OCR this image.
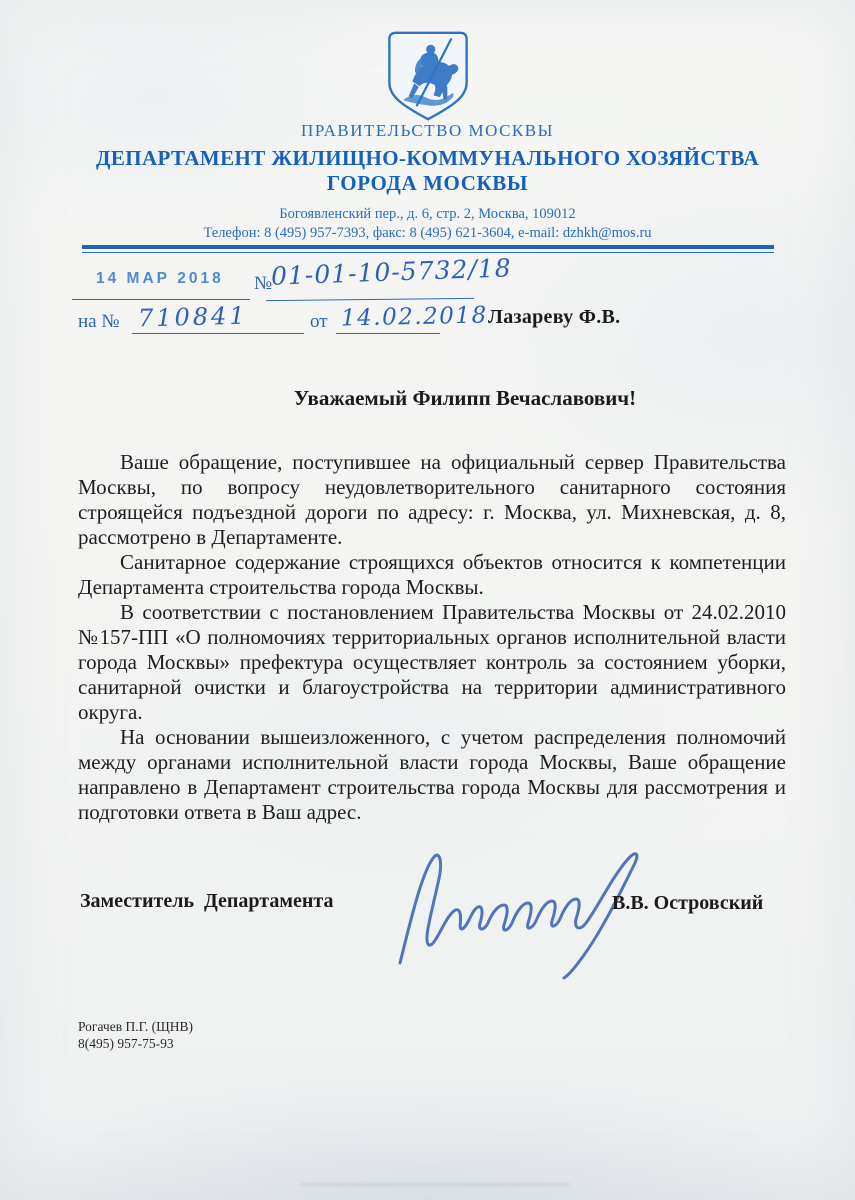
ПРАВИТЕЛЬСТВО МОСКВЫ
ДЕПАРТАМЕНТ ЖИЛИЩНО-КОММУНАЛЬНОГО ХОЗЯЙСТВА
ГОРОДА МОСКВЫ
Богоявленский пер., д. 6, стр. 2, Москва, 109012
Телефон: 8 (495) 957-7393, факс: 8 (495) 621-3604, e-mail: dzhkh@mos.ru
14 МАР 2018 №
01-01-10-5732/18
на № 710841	от 14.02.2018 Лазареву Ф.В.
Уважаемый Филипп Вечаславович!

Ваше обращение, поступившее на официальный сервер Правительства Москвы, по вопросу неудовлетворительного санитарного состояния строящейся подъездной дороги по адресу: г. Москва, ул. Михневская, д. 8, рассмотрено в Департаменте.

Санитарное содержание строящихся объектов относится к компетенции Департамента строительства города Москвы.

В соответствии с постановлением Правительства Москвы от 24.02.2010 №157-ПП «О полномочиях территориальных органов исполнительной власти города Москвы» префектура осуществляет контроль за состоянием уборки, санитарной очистки и благоустройства на территории административного округа.

На основании вышеизложенного, с учетом распределения полномочий между органами исполнительной власти города Москвы, Ваше обращение направлено в Департамент строительства города Москвы для рассмотрения и подготовки ответа в Ваш адрес.

Заместитель Департамента	В.В. Островский
Рогачев П.Г. (ЩНВ)
8(495) 957-75-93
